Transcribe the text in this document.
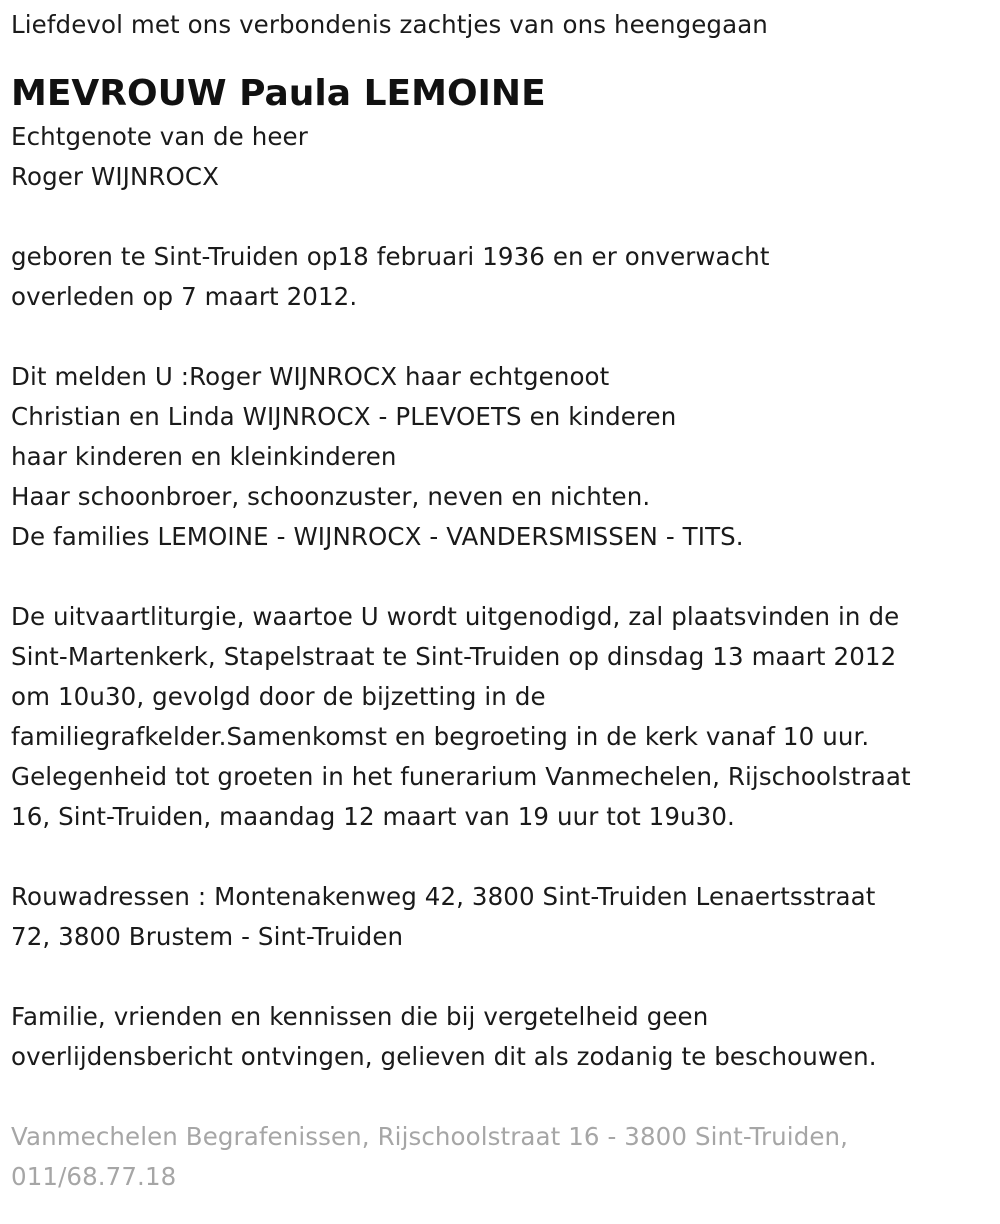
Liefdevol met ons verbondenis zachtjes van ons heengegaan
MEVROUW Paula LEMOINE
Echtgenote van de heer
Roger WIJNROCX
geboren te Sint-Truiden op18 februari 1936 en er onverwacht
overleden op 7 maart 2012.
Dit melden U :Roger WIJNROCX haar echtgenoot
Christian en Linda WIJNROCX - PLEVOETS en kinderen
haar kinderen en kleinkinderen
Haar schoonbroer, schoonzuster, neven en nichten.
De families LEMOINE - WIJNROCX - VANDERSMISSEN - TITS.
De uitvaartliturgie, waartoe U wordt uitgenodigd, zal plaatsvinden in de
Sint-Martenkerk, Stapelstraat te Sint-Truiden op dinsdag 13 maart 2012
om 10u30, gevolgd door de bijzetting in de
familiegrafkelder.Samenkomst en begroeting in de kerk vanaf 10 uur.
Gelegenheid tot groeten in het funerarium Vanmechelen, Rijschoolstraat
16, Sint-Truiden, maandag 12 maart van 19 uur tot 19u30.
Rouwadressen : Montenakenweg 42, 3800 Sint-Truiden Lenaertsstraat
72, 3800 Brustem - Sint-Truiden
Familie, vrienden en kennissen die bij vergetelheid geen
overlijdensbericht ontvingen, gelieven dit als zodanig te beschouwen.
Vanmechelen Begrafenissen, Rijschoolstraat 16 - 3800 Sint-Truiden,
011/68.77.18
